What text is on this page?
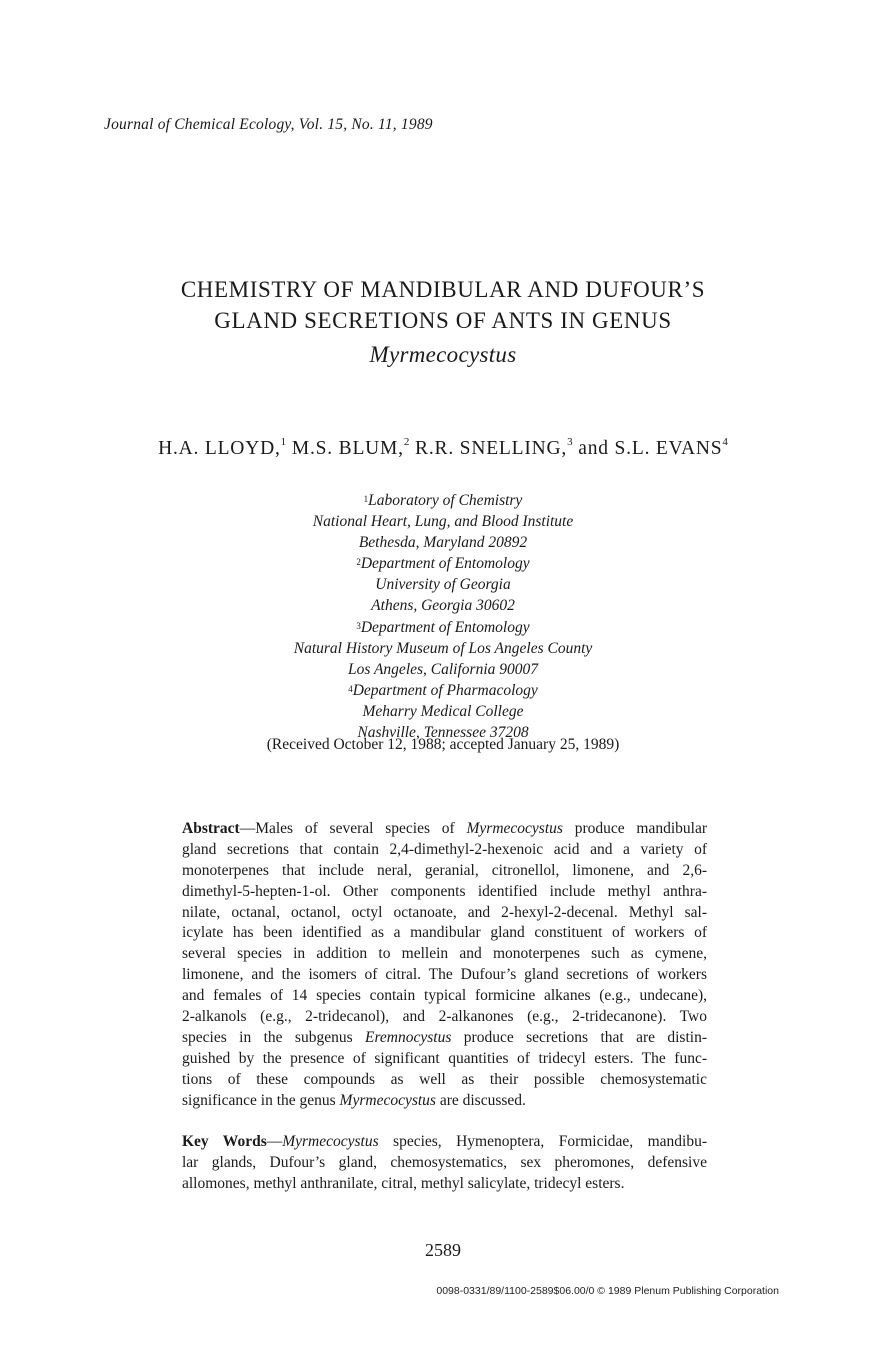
Journal of Chemical Ecology, Vol. 15, No. 11, 1989
CHEMISTRY OF MANDIBULAR AND DUFOUR’S
GLAND SECRETIONS OF ANTS IN GENUS
Myrmecocystus
H.A. LLOYD,$^1$ M.S. BLUM,$^2$ R.R. SNELLING,$^3$ and S.L. EVANS$^4$
$^1$Laboratory of Chemistry
National Heart, Lung, and Blood Institute
Bethesda, Maryland 20892
$^2$Department of Entomology
University of Georgia
Athens, Georgia 30602
$^3$Department of Entomology
Natural History Museum of Los Angeles County
Los Angeles, California 90007
$^4$Department of Pharmacology
Meharry Medical College
Nashville, Tennessee 37208
(Received October 12, 1988; accepted January 25, 1989)
Abstract—Males of several species of Myrmecocystus produce mandibular
gland secretions that contain 2,4-dimethyl-2-hexenoic acid and a variety of
monoterpenes that include neral, geranial, citronellol, limonene, and 2,6-
dimethyl-5-hepten-1-ol. Other components identified include methyl anthra-
nilate, octanal, octanol, octyl octanoate, and 2-hexyl-2-decenal. Methyl sal-
icylate has been identified as a mandibular gland constituent of workers of
several species in addition to mellein and monoterpenes such as cymene,
limonene, and the isomers of citral. The Dufour’s gland secretions of workers
and females of 14 species contain typical formicine alkanes (e.g., undecane),
2-alkanols (e.g., 2-tridecanol), and 2-alkanones (e.g., 2-tridecanone). Two
species in the subgenus Eremnocystus produce secretions that are distin-
guished by the presence of significant quantities of tridecyl esters. The func-
tions of these compounds as well as their possible chemosystematic
significance in the genus Myrmecocystus are discussed.
Key Words—Myrmecocystus species, Hymenoptera, Formicidae, mandibu-
lar glands, Dufour’s gland, chemosystematics, sex pheromones, defensive
allomones, methyl anthranilate, citral, methyl salicylate, tridecyl esters.
2589
0098-0331/89/1100-2589$06.00/0 © 1989 Plenum Publishing Corporation
